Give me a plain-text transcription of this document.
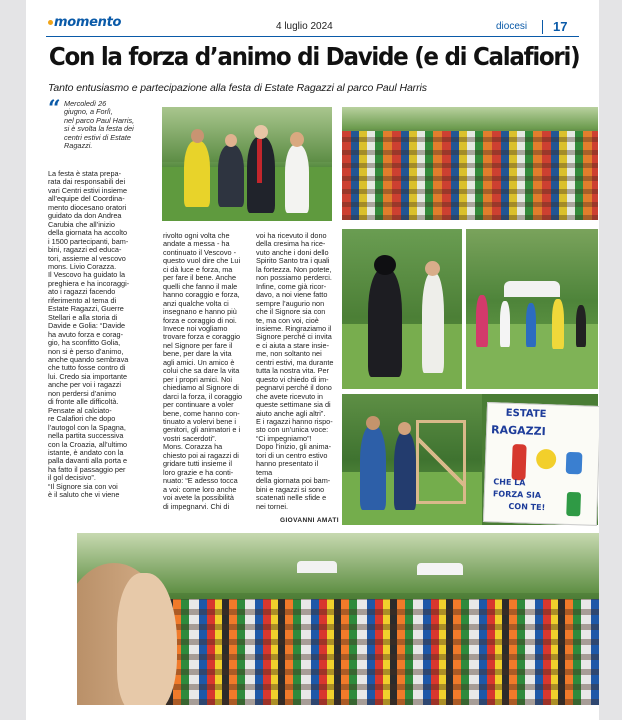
momento	4 luglio 2024	diocesi 17
Con la forza d’animo di Davide (e di Calafiori)
Tanto entusiasmo e partecipazione alla festa di Estate Ragazzi al parco Paul Harris
“ Mercoledì 26
giugno, a Forlì,
nel parco Paul Harris,
si è svolta la festa dei
centri estivi di Estate
Ragazzi.
La festa è stata prepa-
rata dai responsabili dei
vari Centri estivi insieme
all’equipe del Coordina-
mento diocesano oratori
guidato da don Andrea
Carubia che all’inizio
della giornata ha accolto
i 1500 partecipanti, bam-
bini, ragazzi ed educa-
tori, assieme al vescovo
mons. Livio Corazza.
Il Vescovo ha guidato la
preghiera e ha incoraggi-
ato i ragazzi facendo
riferimento al tema di
Estate Ragazzi, Guerre
Stellari e alla storia di
Davide e Golia: “Davide
ha avuto forza e corag-
gio, ha sconfitto Golia,
non si è perso d’animo,
anche quando sembrava
che tutto fosse contro di
lui. Credo sia importante
anche per voi i ragazzi
non perdersi d’animo
di fronte alle difficoltà.
Pensate al calciato-
re Calafiori che dopo
l’autogol con la Spagna,
nella partita successiva
con la Croazia, all’ultimo
istante, è andato con la
palla davanti alla porta e
ha fatto il passaggio per
il gol decisivo”.
“Il Signore sia con voi
è il saluto che vi viene
rivolto ogni volta che
andate a messa - ha
continuato il Vescovo -
questo vuol dire che Lui
ci dà luce e forza, ma
per fare il bene. Anche
quelli che fanno il male
hanno coraggio e forza,
anzi qualche volta ci
insegnano e hanno più
forza e coraggio di noi.
Invece noi vogliamo
trovare forza e coraggio
nel Signore per fare il
bene, per dare la vita
agli amici. Un amico è
colui che sa dare la vita
per i propri amici. Noi
chiediamo al Signore di
darci la forza, il coraggio
per continuare a voler
bene, come hanno con-
tinuato a volervi bene i
genitori, gli animatori e i
vostri sacerdoti”.
Mons. Corazza ha
chiesto poi ai ragazzi di
gridare tutti insieme il
loro grazie e ha conti-
nuato: “E adesso tocca
a voi: come loro anche
voi avete la possibilità
di impegnarvi. Chi di
voi ha ricevuto il dono
della cresima ha rice-
vuto anche i doni dello
Spirito Santo tra i quali
la fortezza. Non potete,
non possiamo perderci.
Infine, come già ricor-
davo, a noi viene fatto
sempre l’augurio non
che il Signore sia con
te, ma con voi, cioè
insieme. Ringraziamo il
Signore perché ci invita
e ci aiuta a stare insie-
me, non soltanto nei
centri estivi, ma durante
tutta la nostra vita. Per
questo vi chiedo di im-
pegnarvi perché il dono
che avete ricevuto in
queste settimane sia di
aiuto anche agli altri”.
E i ragazzi hanno rispo-
sto con un’unica voce:
“Ci impegniamo”!
Dopo l’inizio, gli anima-
tori di un centro estivo
hanno presentato il tema
della giornata poi bam-
bini e ragazzi si sono
scatenati nelle sfide e
nei tornei.
GIOVANNI AMATI
ESTATE
RAGAZZI
CHE LA
FORZA SIA
CON TE!
